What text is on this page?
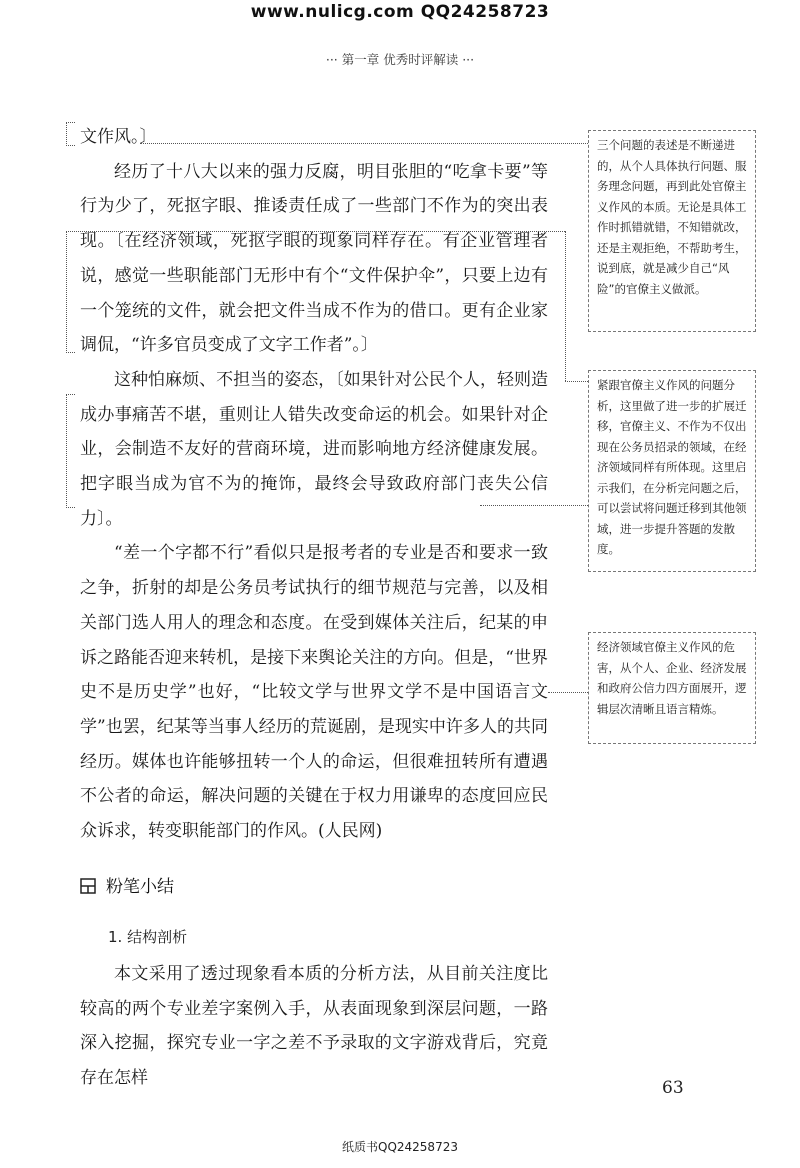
www.nulicg.com QQ24258723
··· 第一章 优秀时评解读 ···

文作风。〕

经历了十八大以来的强力反腐，明目张胆的“吃拿卡要”等行为少了，死抠字眼、推诿责任成了一些部门不作为的突出表现。〔在经济领域，死抠字眼的现象同样存在。有企业管理者说，感觉一些职能部门无形中有个“文件保护伞”，只要上边有一个笼统的文件，就会把文件当成不作为的借口。更有企业家调侃，“许多官员变成了文字工作者”。〕

这种怕麻烦、不担当的姿态，〔如果针对公民个人，轻则造成办事痛苦不堪，重则让人错失改变命运的机会。如果针对企业，会制造不友好的营商环境，进而影响地方经济健康发展。把字眼当成为官不为的掩饰，最终会导致政府部门丧失公信力〕。

“差一个字都不行”看似只是报考者的专业是否和要求一致之争，折射的却是公务员考试执行的细节规范与完善，以及相关部门选人用人的理念和态度。在受到媒体关注后，纪某的申诉之路能否迎来转机，是接下来舆论关注的方向。但是，“世界史不是历史学”也好，“比较文学与世界文学不是中国语言文学”也罢，纪某等当事人经历的荒诞剧，是现实中许多人的共同经历。媒体也许能够扭转一个人的命运，但很难扭转所有遭遇不公者的命运，解决问题的关键在于权力用谦卑的态度回应民众诉求，转变职能部门的作风。(人民网)

三个问题的表述是不断递进的，从个人具体执行问题、服务理念问题，再到此处官僚主义作风的本质。无论是具体工作时抓错就错，不知错就改，还是主观拒绝，不帮助考生，说到底，就是减少自己“风险”的官僚主义做派。
紧跟官僚主义作风的问题分析，这里做了进一步的扩展迁移，官僚主义、不作为不仅出现在公务员招录的领域，在经济领域同样有所体现。这里启示我们，在分析完问题之后，可以尝试将问题迁移到其他领域，进一步提升答题的发散度。
经济领域官僚主义作风的危害，从个人、企业、经济发展和政府公信力四方面展开，逻辑层次清晰且语言精炼。
粉笔小结
1. 结构剖析

本文采用了透过现象看本质的分析方法，从目前关注度比较高的两个专业差字案例入手，从表面现象到深层问题，一路深入挖掘，探究专业一字之差不予录取的文字游戏背后，究竟存在怎样	63
纸质书QQ24258723
